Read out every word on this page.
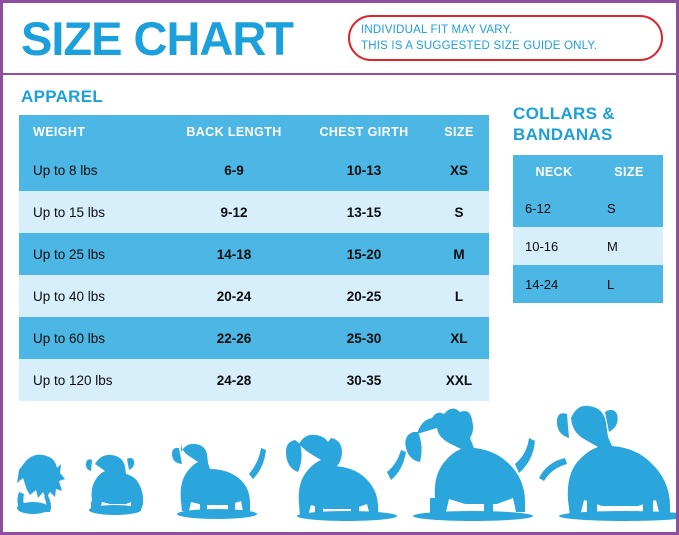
SIZE CHART	INDIVIDUAL FIT MAY VARY.
THIS IS A SUGGESTED SIZE GUIDE ONLY.
APPAREL
WEIGHT	BACK LENGTH	CHEST GIRTH	SIZE
Up to 8 lbs	6-9	10-13	XS
Up to 15 lbs	9-12	13-15	S
Up to 25 lbs	14-18	15-20	M
Up to 40 lbs	20-24	20-25	L
Up to 60 lbs	22-26	25-30	XL
Up to 120 lbs	24-28	30-35	XXL
COLLARS &
BANDANAS
NECK	SIZE
6-12	S
10-16	M
14-24	L
